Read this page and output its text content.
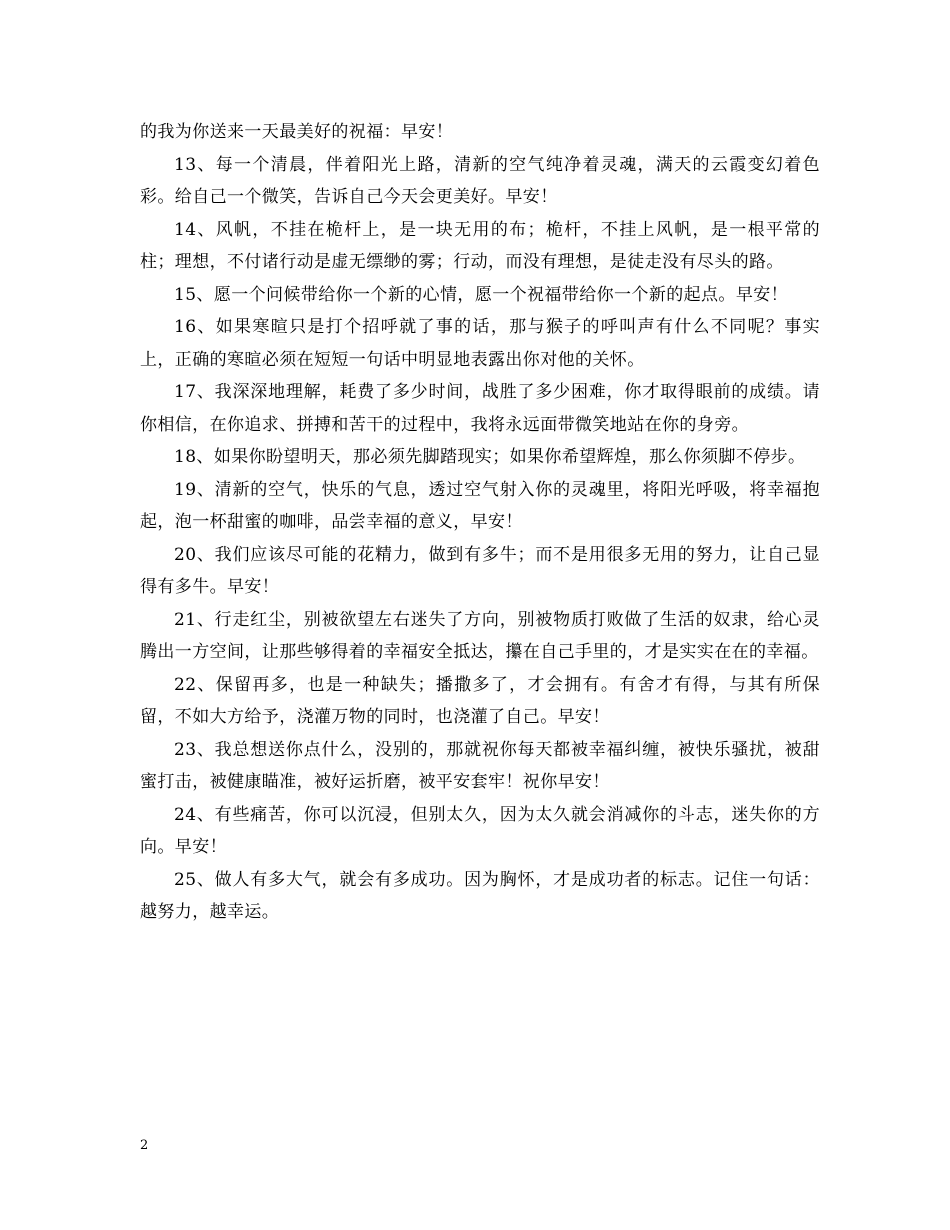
的我为你送来一天最美好的祝福：早安！

13、每一个清晨，伴着阳光上路，清新的空气纯净着灵魂，满天的云霞变幻着色彩。给自己一个微笑，告诉自己今天会更美好。早安！

14、风帆，不挂在桅杆上，是一块无用的布；桅杆，不挂上风帆，是一根平常的柱；理想，不付诸行动是虚无缥缈的雾；行动，而没有理想，是徒走没有尽头的路。

15、愿一个问候带给你一个新的心情，愿一个祝福带给你一个新的起点。早安！

16、如果寒暄只是打个招呼就了事的话，那与猴子的呼叫声有什么不同呢？事实上，正确的寒暄必须在短短一句话中明显地表露出你对他的关怀。

17、我深深地理解，耗费了多少时间，战胜了多少困难，你才取得眼前的成绩。请你相信，在你追求、拼搏和苦干的过程中，我将永远面带微笑地站在你的身旁。

18、如果你盼望明天，那必须先脚踏现实；如果你希望辉煌，那么你须脚不停步。

19、清新的空气，快乐的气息，透过空气射入你的灵魂里，将阳光呼吸，将幸福抱起，泡一杯甜蜜的咖啡，品尝幸福的意义，早安！

20、我们应该尽可能的花精力，做到有多牛；而不是用很多无用的努力，让自己显得有多牛。早安！

21、行走红尘，别被欲望左右迷失了方向，别被物质打败做了生活的奴隶，给心灵腾出一方空间，让那些够得着的幸福安全抵达，攥在自己手里的，才是实实在在的幸福。

22、保留再多，也是一种缺失；播撒多了，才会拥有。有舍才有得，与其有所保留，不如大方给予，浇灌万物的同时，也浇灌了自己。早安！

23、我总想送你点什么，没别的，那就祝你每天都被幸福纠缠，被快乐骚扰，被甜蜜打击，被健康瞄准，被好运折磨，被平安套牢！祝你早安！

24、有些痛苦，你可以沉浸，但别太久，因为太久就会消减你的斗志，迷失你的方向。早安！

25、做人有多大气，就会有多成功。因为胸怀，才是成功者的标志。记住一句话：越努力，越幸运。

2
